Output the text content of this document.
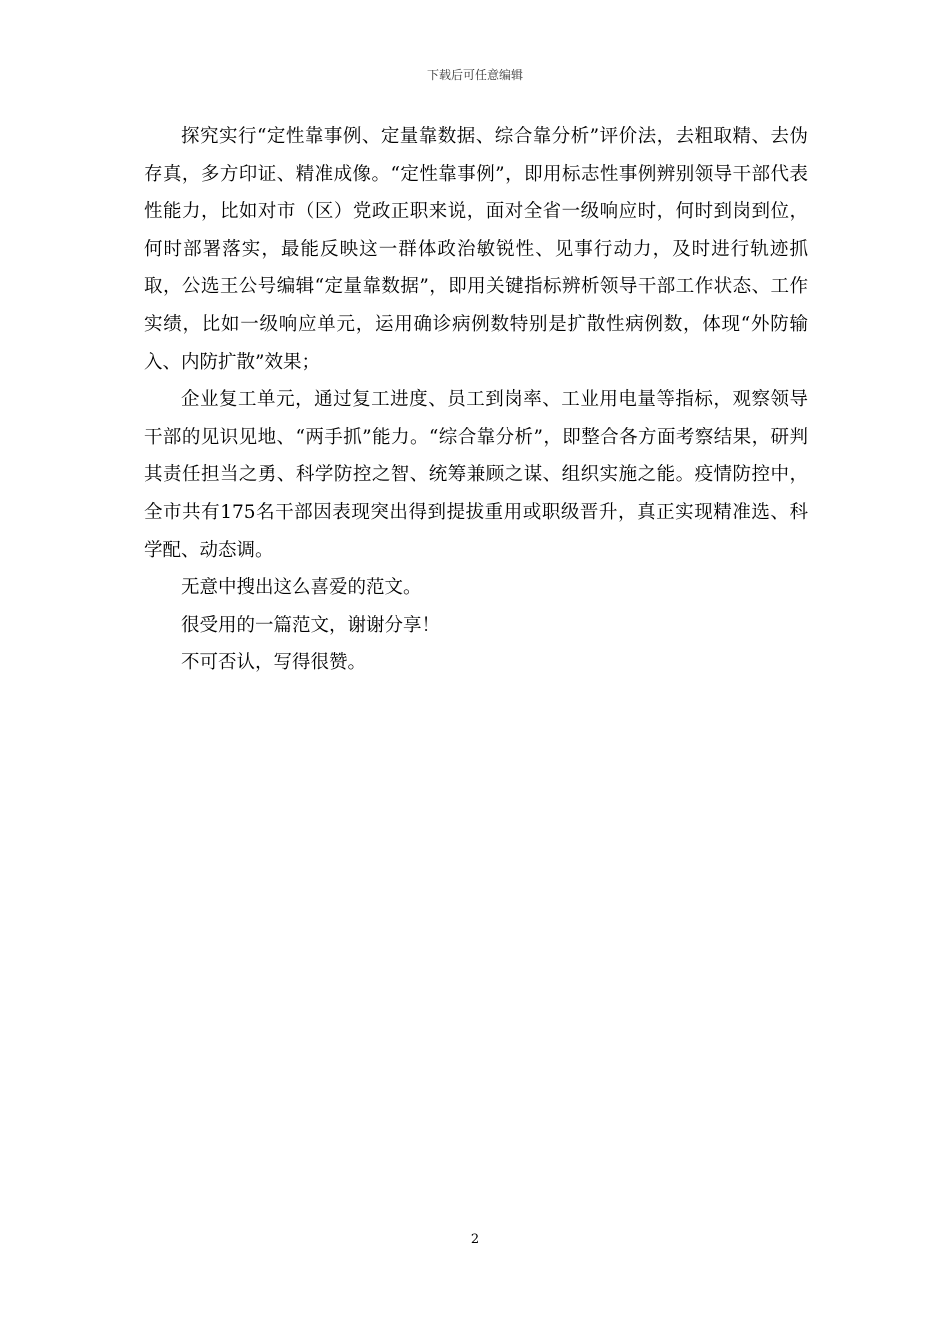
下载后可任意编辑

探究实行“定性靠事例、定量靠数据、综合靠分析”评价法，去粗取精、去伪存真，多方印证、精准成像。“定性靠事例”，即用标志性事例辨别领导干部代表性能力，比如对市（区）党政正职来说，面对全省一级响应时，何时到岗到位，何时部署落实，最能反映这一群体政治敏锐性、见事行动力，及时进行轨迹抓取，公选王公号编辑“定量靠数据”，即用关键指标辨析领导干部工作状态、工作实绩，比如一级响应单元，运用确诊病例数特别是扩散性病例数，体现“外防输入、内防扩散”效果；

企业复工单元，通过复工进度、员工到岗率、工业用电量等指标，观察领导干部的见识见地、“两手抓”能力。“综合靠分析”，即整合各方面考察结果，研判其责任担当之勇、科学防控之智、统筹兼顾之谋、组织实施之能。疫情防控中，全市共有175名干部因表现突出得到提拔重用或职级晋升，真正实现精准选、科学配、动态调。

无意中搜出这么喜爱的范文。

很受用的一篇范文，谢谢分享！

不可否认，写得很赞。

2
